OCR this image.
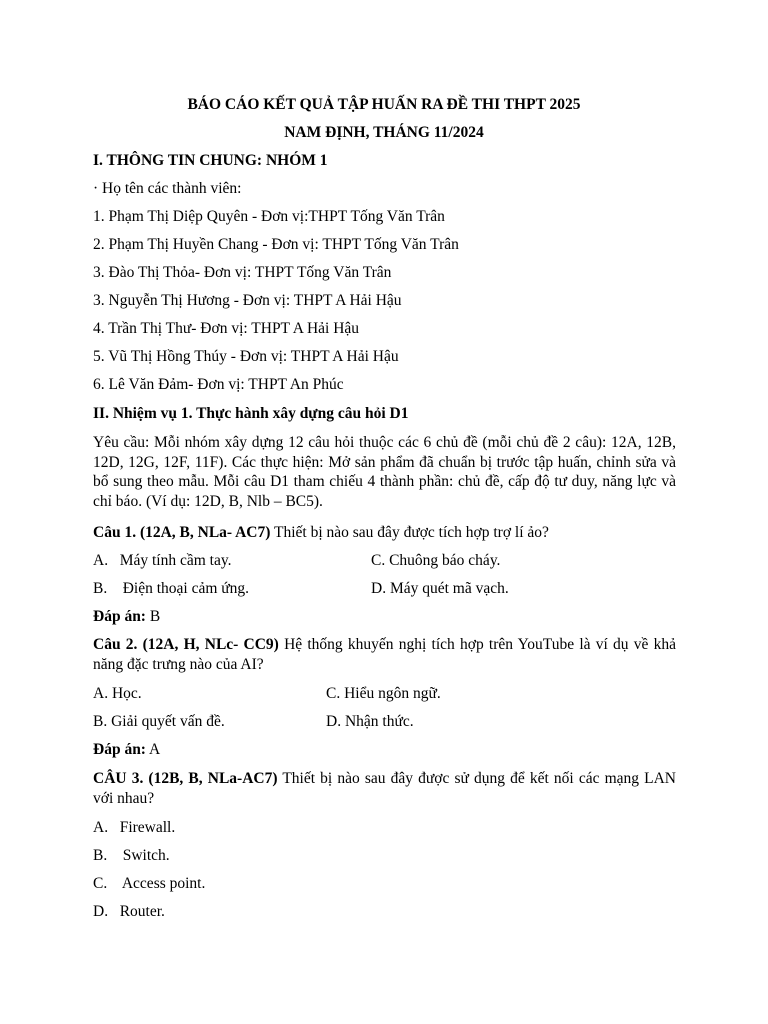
BÁO CÁO KẾT QUẢ TẬP HUẤN RA ĐỀ THI THPT 2025
NAM ĐỊNH, THÁNG 11/2024
I. THÔNG TIN CHUNG: NHÓM 1
· Họ tên các thành viên:
1. Phạm Thị Diệp Quyên - Đơn vị:THPT Tống Văn Trân
2. Phạm Thị Huyền Chang - Đơn vị: THPT Tống Văn Trân
3. Đào Thị Thỏa- Đơn vị: THPT Tống Văn Trân
3. Nguyễn Thị Hương - Đơn vị: THPT A Hải Hậu
4. Trần Thị Thư- Đơn vị: THPT A Hải Hậu
5. Vũ Thị Hồng Thúy - Đơn vị: THPT A Hải Hậu
6. Lê Văn Đảm- Đơn vị: THPT An Phúc
II. Nhiệm vụ 1. Thực hành xây dựng câu hỏi D1

Yêu cầu: Mỗi nhóm xây dựng 12 câu hỏi thuộc các 6 chủ đề (mỗi chủ đề 2 câu): 12A, 12B, 12D, 12G, 12F, 11F). Các thực hiện: Mở sản phẩm đã chuẩn bị trước tập huấn, chỉnh sửa và bổ sung theo mẫu. Mỗi câu D1 tham chiếu 4 thành phần: chủ đề, cấp độ tư duy, năng lực và chỉ báo. (Ví dụ: 12D, B, Nlb – BC5).

Câu 1. (12A, B, NLa- AC7) Thiết bị nào sau đây được tích hợp trợ lí ảo?

A.   Máy tính cầm tay.	C. Chuông báo cháy.
B.    Điện thoại cảm ứng.	D. Máy quét mã vạch.
Đáp án: B

Câu 2. (12A, H, NLc- CC9) Hệ thống khuyến nghị tích hợp trên YouTube là ví dụ về khả năng đặc trưng nào của AI?

A. Học.	C. Hiểu ngôn ngữ.
B. Giải quyết vấn đề.	D. Nhận thức.
Đáp án: A

CÂU 3. (12B, B, NLa-AC7) Thiết bị nào sau đây được sử dụng để kết nối các mạng LAN với nhau?

A.   Firewall.
B.    Switch.
C.    Access point.
D.   Router.
